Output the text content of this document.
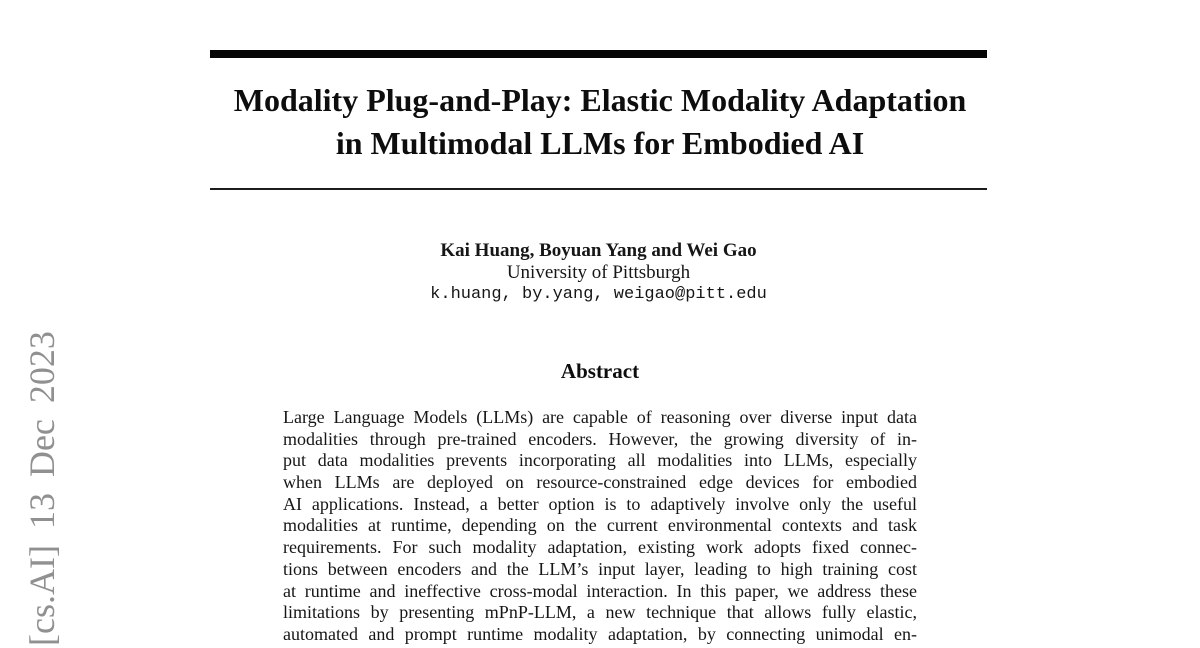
[cs.AI] 13 Dec 2023
Modality Plug-and-Play: Elastic Modality Adaptation
in Multimodal LLMs for Embodied AI
Kai Huang, Boyuan Yang and Wei Gao
University of Pittsburgh
k.huang, by.yang, weigao@pitt.edu
Abstract
Large Language Models (LLMs) are capable of reasoning over diverse input data
modalities through pre-trained encoders. However, the growing diversity of in-
put data modalities prevents incorporating all modalities into LLMs, especially
when LLMs are deployed on resource-constrained edge devices for embodied
AI applications. Instead, a better option is to adaptively involve only the useful
modalities at runtime, depending on the current environmental contexts and task
requirements. For such modality adaptation, existing work adopts fixed connec-
tions between encoders and the LLM’s input layer, leading to high training cost
at runtime and ineffective cross-modal interaction. In this paper, we address these
limitations by presenting mPnP-LLM, a new technique that allows fully elastic,
automated and prompt runtime modality adaptation, by connecting unimodal en-
